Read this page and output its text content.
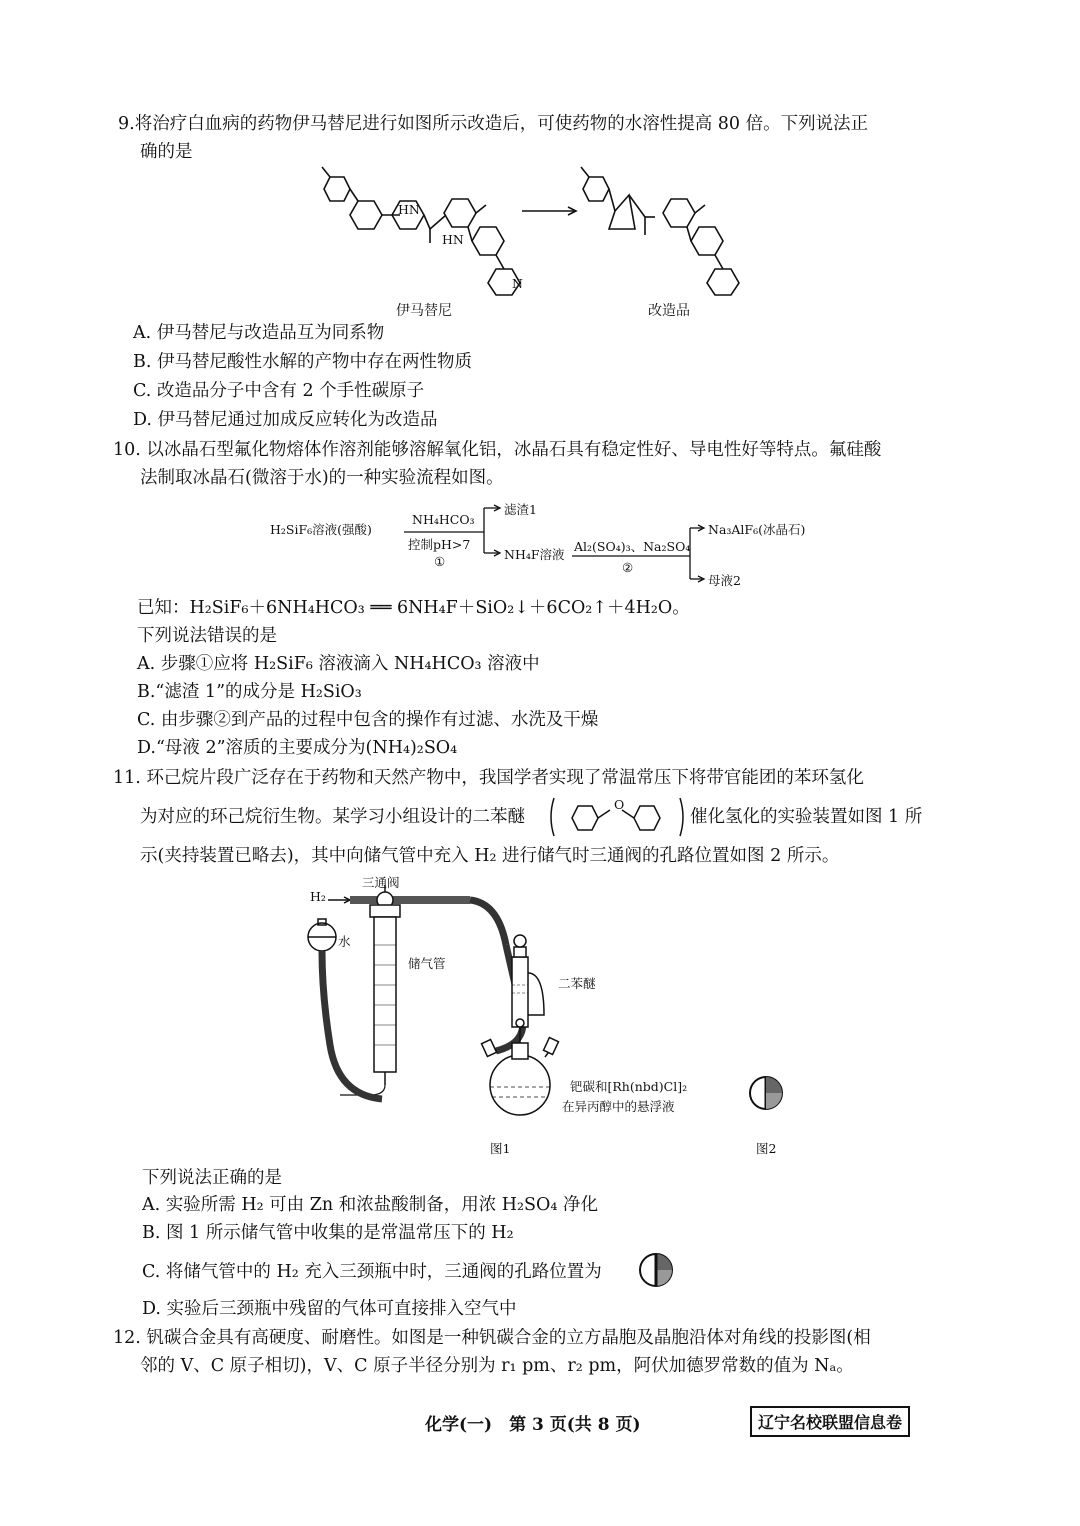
9.将治疗白血病的药物伊马替尼进行如图所示改造后，可使药物的水溶性提高 80 倍。下列说法正
确的是
HN
HN
N
伊马替尼	改造品
A. 伊马替尼与改造品互为同系物
B. 伊马替尼酸性水解的产物中存在两性物质
C. 改造品分子中含有 2 个手性碳原子
D. 伊马替尼通过加成反应转化为改造品
10. 以冰晶石型氟化物熔体作溶剂能够溶解氧化铝，冰晶石具有稳定性好、导电性好等特点。氟硅酸
法制取冰晶石(微溶于水)的一种实验流程如图。
H₂SiF₆溶液(强酸)
NH₄HCO₃
控制pH>7
①
滤渣1
NH₄F溶液
Al₂(SO₄)₃、Na₂SO₄
②
Na₃AlF₆(冰晶石)
母液2
已知：H₂SiF₆＋6NH₄HCO₃ ══ 6NH₄F＋SiO₂↓＋6CO₂↑＋4H₂O。
下列说法错误的是
A. 步骤①应将 H₂SiF₆ 溶液滴入 NH₄HCO₃ 溶液中
B.“滤渣 1”的成分是 H₂SiO₃
C. 由步骤②到产品的过程中包含的操作有过滤、水洗及干燥
D.“母液 2”溶质的主要成分为(NH₄)₂SO₄
11. 环己烷片段广泛存在于药物和天然产物中，我国学者实现了常温常压下将带官能团的苯环氢化
为对应的环己烷衍生物。某学习小组设计的二苯醚
O
催化氢化的实验装置如图 1 所
示(夹持装置已略去)，其中向储气管中充入 H₂ 进行储气时三通阀的孔路位置如图 2 所示。
H₂
三通阀
水
储气管
二苯醚
钯碳和[Rh(nbd)Cl]₂
在异丙醇中的悬浮液
图1	图2
下列说法正确的是
A. 实验所需 H₂ 可由 Zn 和浓盐酸制备，用浓 H₂SO₄ 净化
B. 图 1 所示储气管中收集的是常温常压下的 H₂
C. 将储气管中的 H₂ 充入三颈瓶中时，三通阀的孔路位置为
D. 实验后三颈瓶中残留的气体可直接排入空气中
12. 钒碳合金具有高硬度、耐磨性。如图是一种钒碳合金的立方晶胞及晶胞沿体对角线的投影图(相
邻的 V、C 原子相切)，V、C 原子半径分别为 r₁ pm、r₂ pm，阿伏加德罗常数的值为 Nₐ。
化学(一)　第 3 页(共 8 页)	辽宁名校联盟信息卷
